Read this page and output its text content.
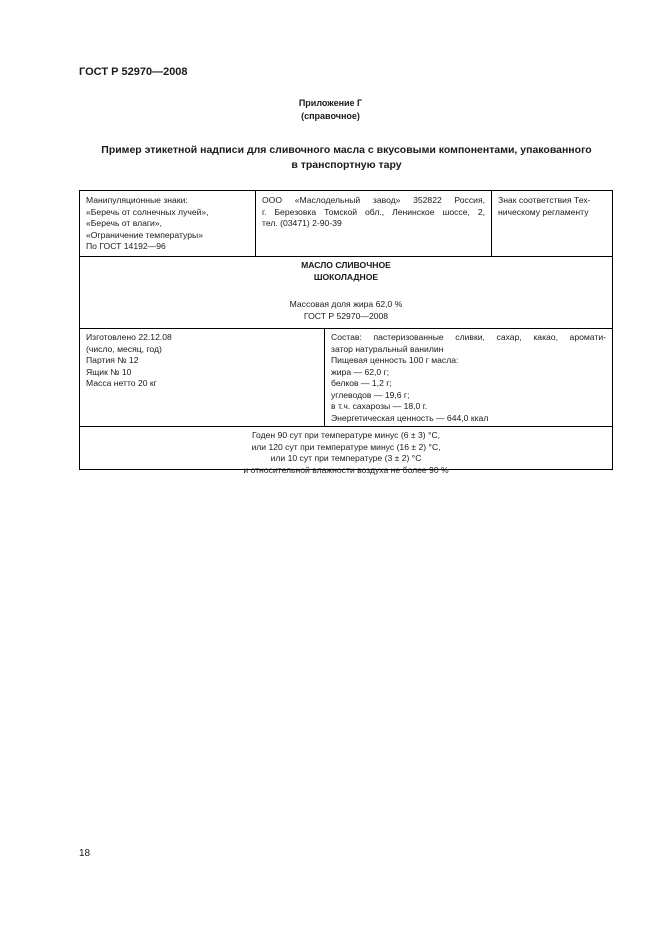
ГОСТ Р 52970—2008
Приложение Г
(справочное)
Пример этикетной надписи для сливочного масла с вкусовыми компонентами, упакованного
в транспортную тару
Манипуляционные знаки:
«Беречь от солнечных лучей»,
«Беречь от влаги»,
«Ограничение температуры»
По ГОСТ 14192—96
ООО «Маслодельный завод» 352822 Россия,
г. Березовка Томской обл., Ленинское шоссе, 2,
тел. (03471) 2-90-39
Знак соответствия Тех-
ническому регламенту
МАСЛО СЛИВОЧНОЕ
ШОКОЛАДНОЕ
Массовая доля жира 62,0 %
ГОСТ Р 52970—2008
Изготовлено 22.12.08
(число, месяц, год)
Партия № 12
Ящик № 10
Масса нетто 20 кг
Состав: пастеризованные сливки, сахар, какао, аромати-
затор натуральный ванилин
Пищевая ценность 100 г масла:
жира — 62,0 г;
белков — 1,2 г;
углеводов — 19,6 г;
в т.ч. сахарозы — 18,0 г.
Энергетическая ценность — 644,0 ккал
Годен 90 сут при температуре минус (6 ± 3) °С,
или 120 сут при температуре минус (16 ± 2) °С,
или 10 сут при температуре (3 ± 2) °С
и относительной влажности воздуха не более 90 %
18
